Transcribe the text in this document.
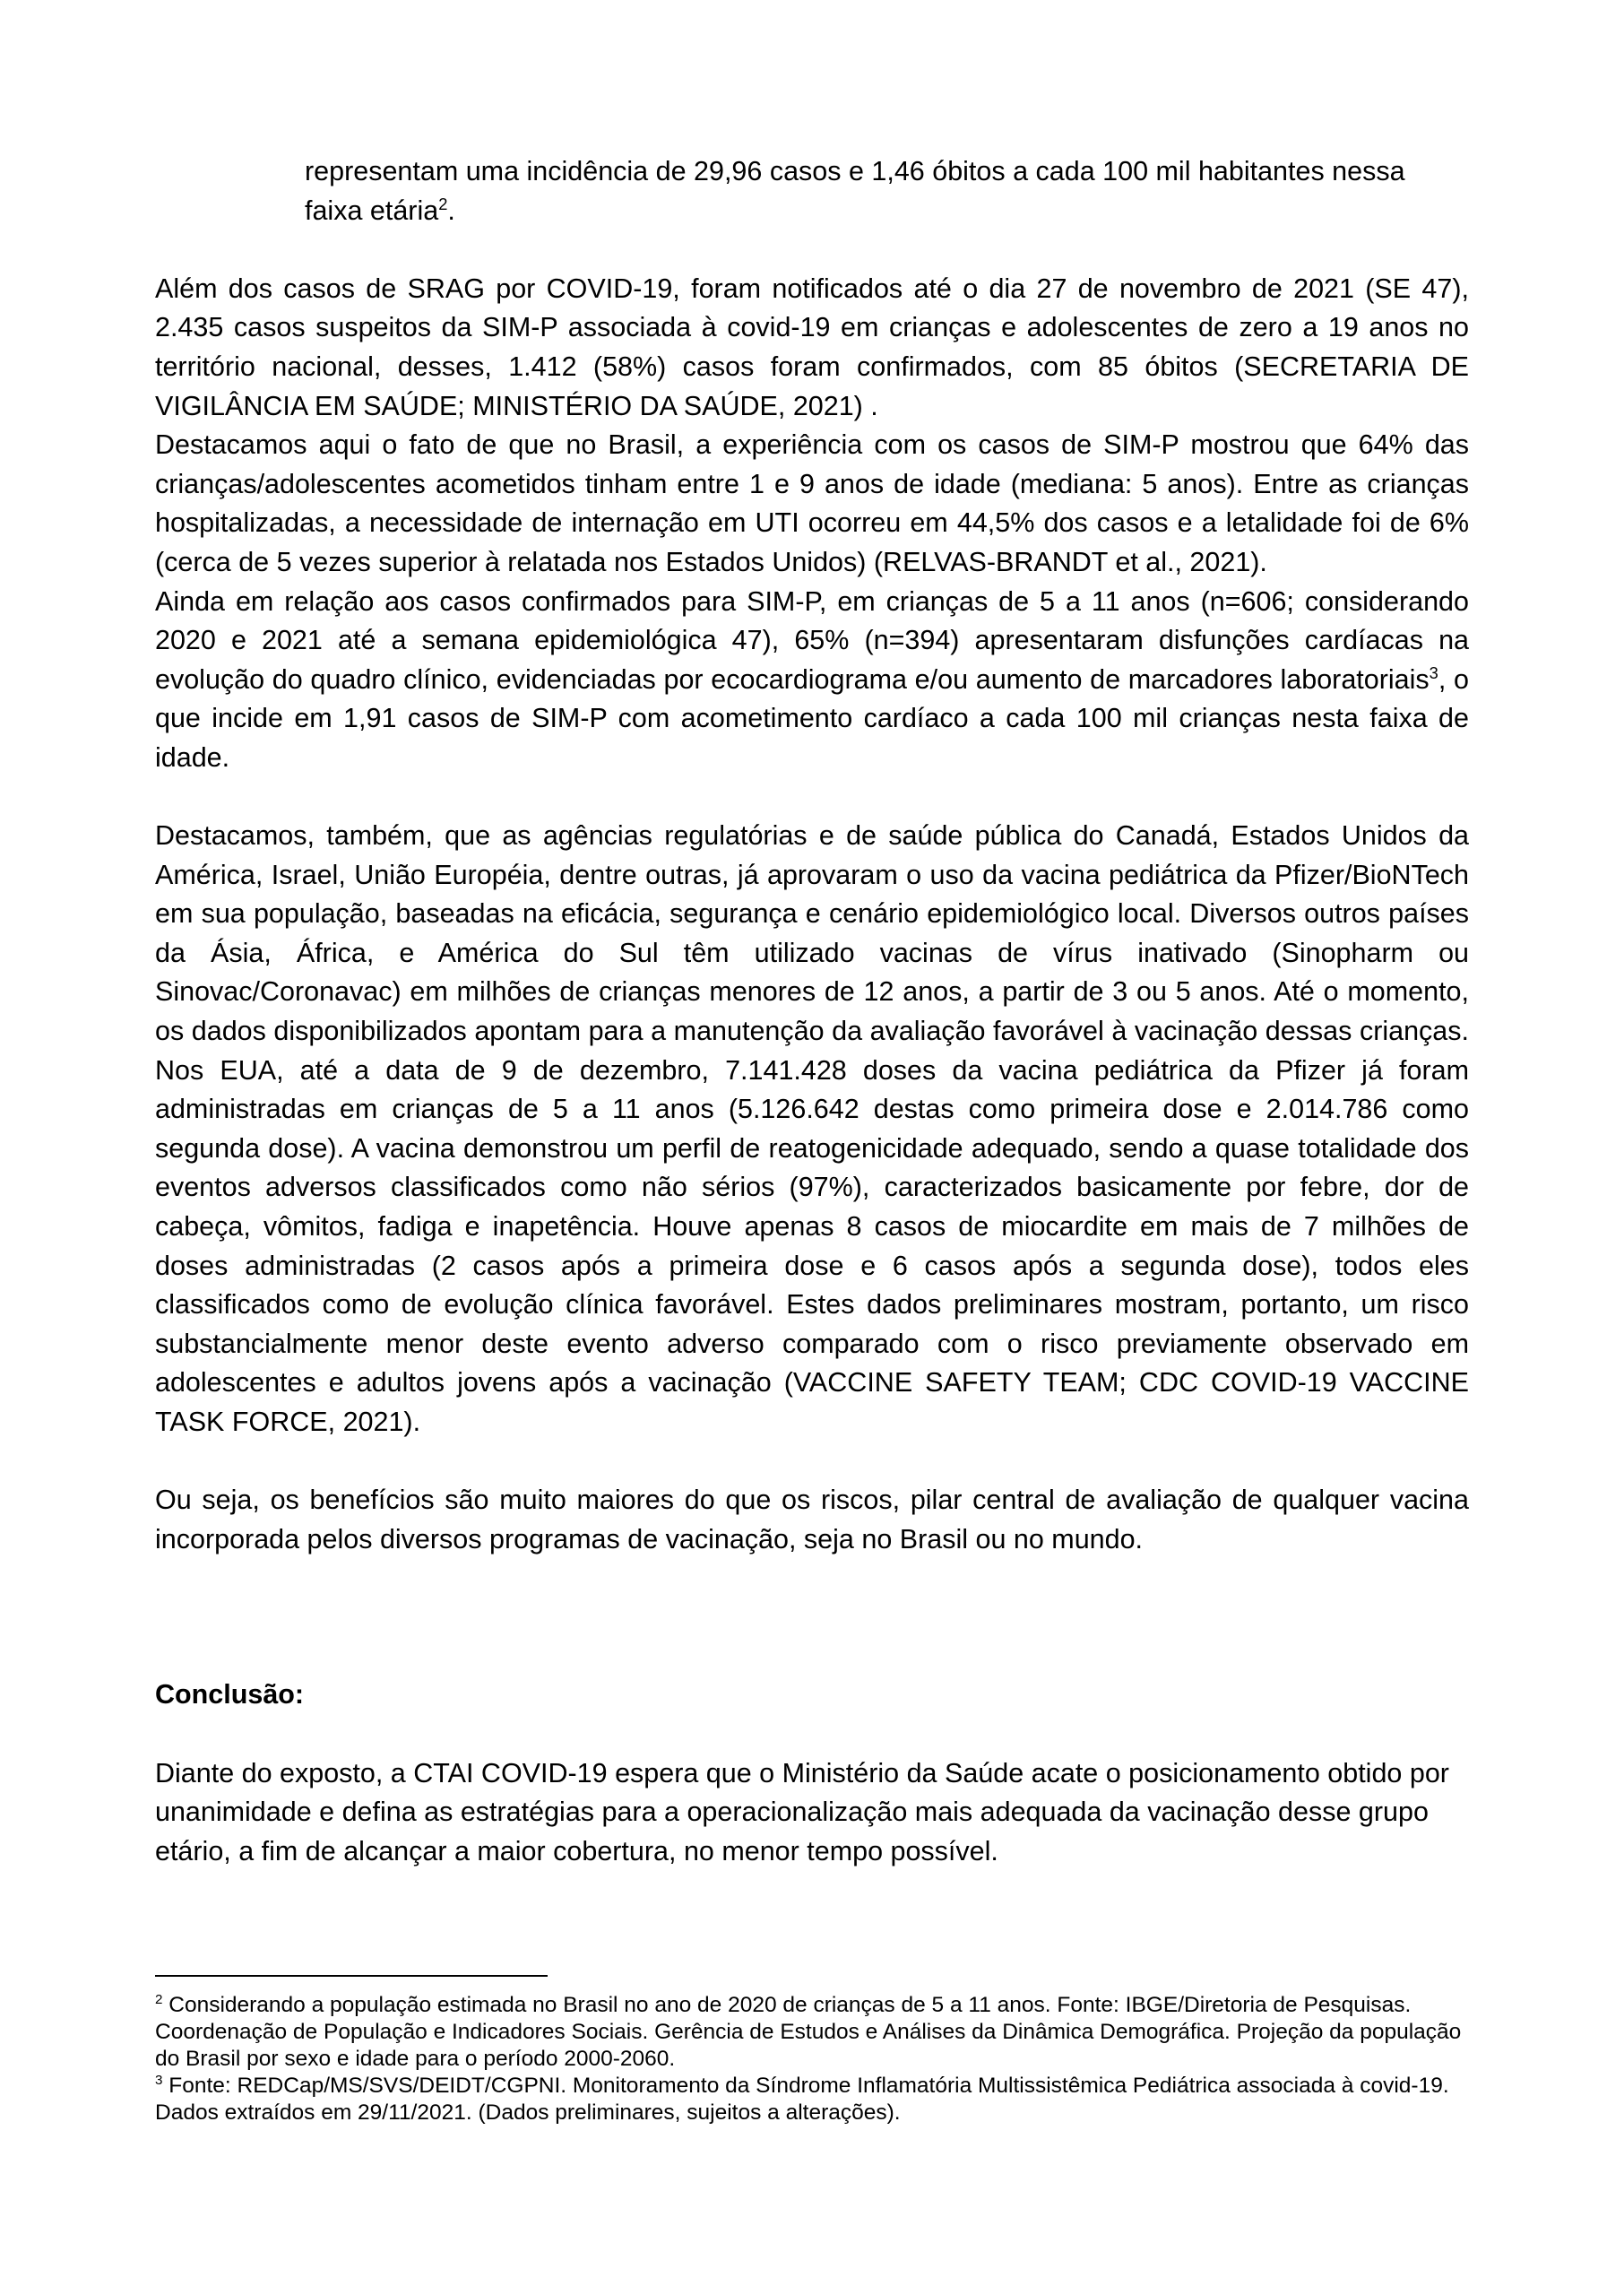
representam uma incidência de 29,96 casos e 1,46 óbitos a cada 100 mil habitantes nessa faixa etária$^2$.

Além dos casos de SRAG por COVID-19, foram notificados até o dia 27 de novembro de 2021 (SE 47), 2.435 casos suspeitos da SIM-P associada à covid-19 em crianças e adolescentes de zero a 19 anos no território nacional, desses, 1.412 (58%) casos foram confirmados, com 85 óbitos (SECRETARIA DE VIGILÂNCIA EM SAÚDE; MINISTÉRIO DA SAÚDE, 2021) .

Destacamos aqui o fato de que no Brasil, a experiência com os casos de SIM-P mostrou que 64% das crianças/adolescentes acometidos tinham entre 1 e 9 anos de idade (mediana: 5 anos). Entre as crianças hospitalizadas, a necessidade de internação em UTI ocorreu em 44,5% dos casos e a letalidade foi de 6% (cerca de 5 vezes superior à relatada nos Estados Unidos) (RELVAS-BRANDT et al., 2021).

Ainda em relação aos casos confirmados para SIM-P, em crianças de 5 a 11 anos (n=606; considerando 2020 e 2021 até a semana epidemiológica 47), 65% (n=394) apresentaram disfunções cardíacas na evolução do quadro clínico, evidenciadas por ecocardiograma e/ou aumento de marcadores laboratoriais$^3$, o que incide em 1,91 casos de SIM-P com acometimento cardíaco a cada 100 mil crianças nesta faixa de idade.

Destacamos, também, que as agências regulatórias e de saúde pública do Canadá, Estados Unidos da América, Israel, União Européia, dentre outras, já aprovaram o uso da vacina pediátrica da Pfizer/BioNTech em sua população, baseadas na eficácia, segurança e cenário epidemiológico local. Diversos outros países da Ásia, África, e América do Sul têm utilizado vacinas de vírus inativado (Sinopharm ou Sinovac/Coronavac) em milhões de crianças menores de 12 anos, a partir de 3 ou 5 anos. Até o momento, os dados disponibilizados apontam para a manutenção da avaliação favorável à vacinação dessas crianças. Nos EUA, até a data de 9 de dezembro, 7.141.428 doses da vacina pediátrica da Pfizer já foram administradas em crianças de 5 a 11 anos (5.126.642 destas como primeira dose e 2.014.786 como segunda dose). A vacina demonstrou um perfil de reatogenicidade adequado, sendo a quase totalidade dos eventos adversos classificados como não sérios (97%), caracterizados basicamente por febre, dor de cabeça, vômitos, fadiga e inapetência. Houve apenas 8 casos de miocardite em mais de 7 milhões de doses administradas (2 casos após a primeira dose e 6 casos após a segunda dose), todos eles classificados como de evolução clínica favorável. Estes dados preliminares mostram, portanto, um risco substancialmente menor deste evento adverso comparado com o risco previamente observado em adolescentes e adultos jovens após a vacinação (VACCINE SAFETY TEAM; CDC COVID-19 VACCINE TASK FORCE, 2021).

Ou seja, os benefícios são muito maiores do que os riscos, pilar central de avaliação de qualquer vacina incorporada pelos diversos programas de vacinação, seja no Brasil ou no mundo.

Conclusão:

Diante do exposto, a CTAI COVID-19 espera que o Ministério da Saúde acate o posicionamento obtido por unanimidade e defina as estratégias para a operacionalização mais adequada da vacinação desse grupo etário, a fim de alcançar a maior cobertura, no menor tempo possível.

$^2$ Considerando a população estimada no Brasil no ano de 2020 de crianças de 5 a 11 anos. Fonte: IBGE/Diretoria de Pesquisas. Coordenação de População e Indicadores Sociais. Gerência de Estudos e Análises da Dinâmica Demográfica. Projeção da população do Brasil por sexo e idade para o período 2000-2060.

$^3$ Fonte: REDCap/MS/SVS/DEIDT/CGPNI. Monitoramento da Síndrome Inflamatória Multissistêmica Pediátrica associada à covid-19. Dados extraídos em 29/11/2021. (Dados preliminares, sujeitos a alterações).
